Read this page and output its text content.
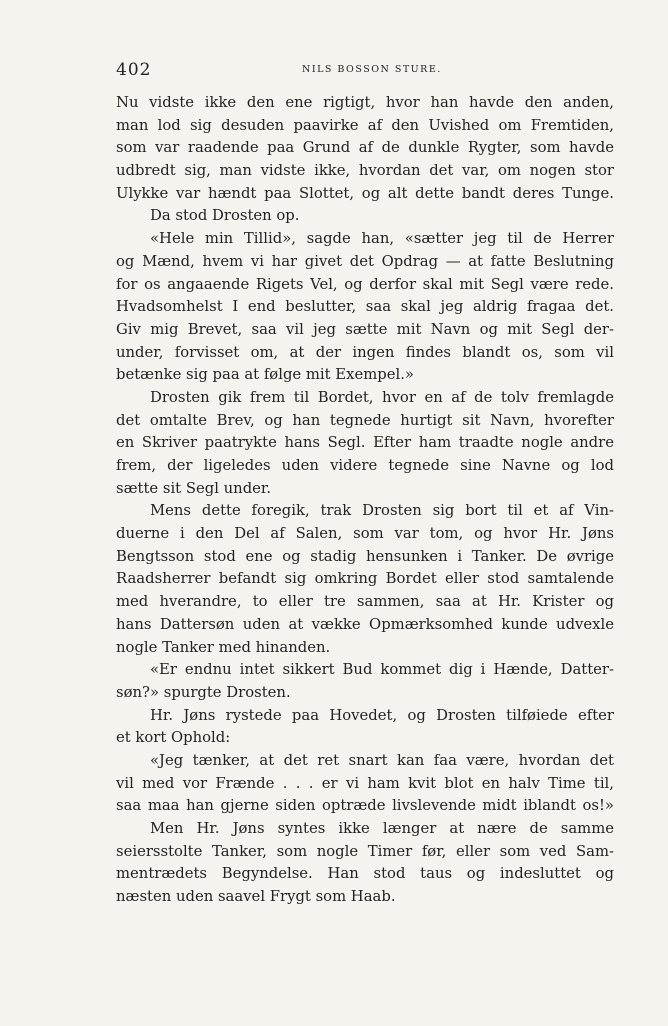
402	NILS BOSSON STURE.
Nu vidste ikke den ene rigtigt, hvor han havde den anden,
man lod sig desuden paavirke af den Uvished om Fremtiden,
som var raadende paa Grund af de dunkle Rygter, som havde
udbredt sig, man vidste ikke, hvordan det var, om nogen stor
Ulykke var hændt paa Slottet, og alt dette bandt deres Tunge.
Da stod Drosten op.
«Hele min Tillid», sagde han, «sætter jeg til de Herrer
og Mænd, hvem vi har givet det Opdrag — at fatte Beslutning
for os angaaende Rigets Vel, og derfor skal mit Segl være rede.
Hvadsomhelst I end beslutter, saa skal jeg aldrig fragaa det.
Giv mig Brevet, saa vil jeg sætte mit Navn og mit Segl der-
under, forvisset om, at der ingen findes blandt os, som vil
betænke sig paa at følge mit Exempel.»
Drosten gik frem til Bordet, hvor en af de tolv fremlagde
det omtalte Brev, og han tegnede hurtigt sit Navn, hvorefter
en Skriver paatrykte hans Segl. Efter ham traadte nogle andre
frem, der ligeledes uden videre tegnede sine Navne og lod
sætte sit Segl under.
Mens dette foregik, trak Drosten sig bort til et af Vin-
duerne i den Del af Salen, som var tom, og hvor Hr. Jøns
Bengtsson stod ene og stadig hensunken i Tanker. De øvrige
Raadsherrer befandt sig omkring Bordet eller stod samtalende
med hverandre, to eller tre sammen, saa at Hr. Krister og
hans Dattersøn uden at vække Opmærksomhed kunde udvexle
nogle Tanker med hinanden.
«Er endnu intet sikkert Bud kommet dig i Hænde, Datter-
søn?» spurgte Drosten.
Hr. Jøns rystede paa Hovedet, og Drosten tilføiede efter
et kort Ophold:
«Jeg tænker, at det ret snart kan faa være, hvordan det
vil med vor Frænde . . . er vi ham kvit blot en halv Time til,
saa maa han gjerne siden optræde livslevende midt iblandt os!»
Men Hr. Jøns syntes ikke længer at nære de samme
seiersstolte Tanker, som nogle Timer før, eller som ved Sam-
mentrædets Begyndelse. Han stod taus og indesluttet og
næsten uden saavel Frygt som Haab.
